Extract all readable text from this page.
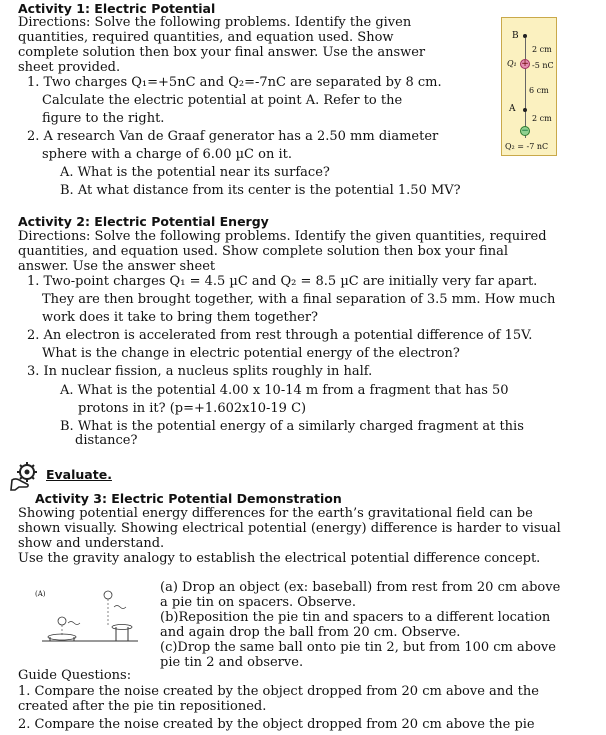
Activity 1: Electric Potential
Directions: Solve the following problems. Identify the given
quantities, required quantities, and equation used. Show
complete solution then box your final answer. Use the answer
sheet provided.
1. Two charges Q₁=+5nC and Q₂=-7nC are separated by 8 cm.
Calculate the electric potential at point A. Refer to the
figure to the right.
2. A research Van de Graaf generator has a 2.50 mm diameter
sphere with a charge of 6.00 µC on it.
A. What is the potential near its surface?
B. At what distance from its center is the potential 1.50 MV?
B
2 cm
Q₁ + -5 nC
6 cm
A
2 cm
−
Q₂ = -7 nC
Activity 2: Electric Potential Energy
Directions: Solve the following problems. Identify the given quantities, required
quantities, and equation used. Show complete solution then box your final
answer. Use the answer sheet
1. Two-point charges Q₁ = 4.5 µC and Q₂ = 8.5 µC are initially very far apart.
They are then brought together, with a final separation of 3.5 mm. How much
work does it take to bring them together?
2. An electron is accelerated from rest through a potential difference of 15V.
What is the change in electric potential energy of the electron?
3. In nuclear fission, a nucleus splits roughly in half.
A. What is the potential 4.00 x 10-14 m from a fragment that has 50
protons in it? (p=+1.602x10-19 C)
B. What is the potential energy of a similarly charged fragment at this
distance?
Evaluate.
Activity 3: Electric Potential Demonstration
Showing potential energy differences for the earth’s gravitational field can be
shown visually. Showing electrical potential (energy) difference is harder to visual
show and understand.
Use the gravity analogy to establish the electrical potential difference concept.
(A)	(a) Drop an object (ex: baseball) from rest from 20 cm above
a pie tin on spacers. Observe.
(b)Reposition the pie tin and spacers to a different location
and again drop the ball from 20 cm. Observe.
(c)Drop the same ball onto pie tin 2, but from 100 cm above
pie tin 2 and observe.
Guide Questions:
1. Compare the noise created by the object dropped from 20 cm above and the
created after the pie tin repositioned.
2. Compare the noise created by the object dropped from 20 cm above the pie
